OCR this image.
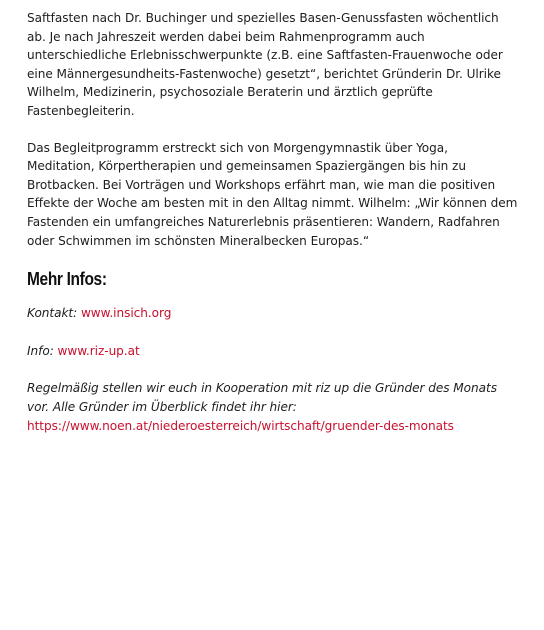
Saftfasten nach Dr. Buchinger und spezielles Basen-Genussfasten wöchentlich ab. Je nach Jahreszeit werden dabei beim Rahmenprogramm auch unterschiedliche Erlebnisschwerpunkte (z.B. eine Saftfasten-Frauenwoche oder eine Männergesundheits-Fastenwoche) gesetzt“, berichtet Gründerin Dr. Ulrike Wilhelm, Medizinerin, psychosoziale Beraterin und ärztlich geprüfte Fastenbegleiterin.

Das Begleitprogramm erstreckt sich von Morgengymnastik über Yoga, Meditation, Körpertherapien und gemeinsamen Spaziergängen bis hin zu Brotbacken. Bei Vorträgen und Workshops erfährt man, wie man die positiven Effekte der Woche am besten mit in den Alltag nimmt. Wilhelm: „Wir können dem Fastenden ein umfangreiches Naturerlebnis präsentieren: Wandern, Radfahren oder Schwimmen im schönsten Mineralbecken Europas.“

Mehr Infos:

Kontakt: www.insich.org

Info: www.riz-up.at

Regelmäßig stellen wir euch in Kooperation mit riz up die Gründer des Monats vor. Alle Gründer im Überblick findet ihr hier:
https://www.noen.at/niederoesterreich/wirtschaft/gruender-des-monats
